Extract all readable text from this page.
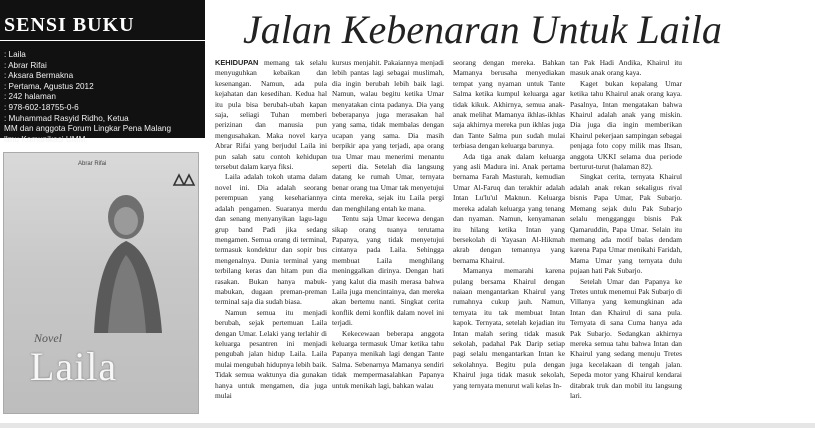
SENSI BUKU
: Laila
: Abrar Rifai
: Aksara Bermakna
: Pertama, Agustus 2012
: 242 halaman
: 978-602-18755-0-6
: Muhammad Rasyid Ridho, Ketua
MM dan anggota Forum Lingkar Pena Malang
llmu Komunikasi UMM.
Abrar Rifai
Novel
Laila
Jalan Kebenaran Untuk Laila

KEHIDUPAN memang tak selalu menyuguhkan kebaikan dan kesenangan. Namun, ada pula kejahatan dan kesedihan. Kedua hal itu pula bisa berubah-ubah kapan saja, seliagi Tuhan memberi perizinan dan manusia pun mengusahakan. Maka novel karya Abrar Rifai yang berjudul Laila ini pun salah satu contoh kehidupan tersebut dalam karya fiksi.

Laila adalah tokoh utama dalam novel ini. Dia adalah seorang perempuan yang kesehariannya adalah pengamen. Suaranya merdu dan senang menyanyikan lagu-lagu grup band Padi jika sedang mengamen. Semua orang di terminal, termasuk kondektur dan sopir bus mengenalnya. Dunia terminal yang terbilang keras dan hitam pun dia rasakan. Bukan hanya mabuk-mabukan, dugaan preman-preman terminal saja dia sudah biasa.

Namun semua itu menjadi berubah, sejak pertemuan Laila dengan Umar. Lelaki yang terlahir di keluarga pesantren ini menjadi pengubah jalan hidup Laila. Laila mulai mengubah hidupnya lebih baik. Tidak semua waktunya dia gunakan hanya untuk mengamen, dia juga mulai

kursus menjahit. Pakaiannya menjadi lebih pantas lagi sebagai muslimah, dia ingin berubah lebih baik lagi. Namun, walau begitu ketika Umar menyatakan cinta padanya. Dia yang beberapanya juga merasakan hal yang sama, tidak membalas dengan ucapan yang sama. Dia masih berpikir apa yang terjadi, apa orang tua Umar mau menerimi menantu seperti dia. Setelah dia langsung datang ke rumah Umar, ternyata benar orang tua Umar tak menyetujui cinta mereka, sejak itu Laila pergi dan menghilang entah ke mana.

Tentu saja Umar kecewa dengan sikap orang tuanya terutama Papanya, yang tidak menyetujui cintanya pada Laila. Sehingga membuat Laila menghilang meninggalkan dirinya. Dengan hati yang kalut dia masih merasa bahwa Laila juga mencintainya, dan mereka akan bertemu nanti. Singkat cerita konflik demi konflik dalam novel ini terjadi.

Kekecewaan beberapa anggota keluarga termasuk Umar ketika tahu Papanya menikah lagi dengan Tante Salma. Sebenarnya Mamanya sendiri tidak mempermasalahkan Papanya untuk menikah lagi, bahkan walau

seorang dengan mereka. Bahkan Mamanya berusaha menyediakan tempat yang nyaman untuk Tante Salma ketika kumpul keluarga agar tidak kikuk. Akhirnya, semua anak-anak melihat Mamanya ikhlas-ikhlas saja akhirnya mereka pun ikhlas juga dan Tante Salma pun sudah mulai terbiasa dengan keluarga barunya.

Ada tiga anak dalam keluarga yang asli Madura ini. Anak pertama bernama Farah Masturah, kemudian Umar Al-Faruq dan terakhir adalah Intan Lu'lu'ul Maknun. Keluarga mereka adalah keluarga yang tenang dan nyaman. Namun, kenyamanan itu hilang ketika Intan yang bersekolah di Yayasan Al-Hikmah akrab dengan temannya yang bernama Khairul.

Mamanya memarahi karena pulang bersama Khairul dengan naiaan mengantarkan Khairul yang rumahnya cukup jauh. Namun, ternyata itu tak membuat Intan kapok. Ternyata, setelah kejadian itu Intan malah sering tidak masuk sekolah, padahal Pak Darip setiap pagi selalu mengantarkan Intan ke sekolahnya. Begitu pula dengan Khairul juga tidak masuk sekolah, yang ternyata menurut wali kelas In-

tan Pak Hadi Andika, Khairul itu masuk anak orang kaya.

Kaget bukan kepalang Umar ketika tahu Khairul anak orang kaya. Pasalnya, Intan mengatakan bahwa Khairul adalah anak yang miskin. Dia juga dia ingin memberikan Khairul pekerjaan sampingan sebagai penjaga foto copy milik mas Ihsan, anggota UKKI selama dua periode berturut-turut (halaman 82).

Singkat cerita, ternyata Khairul adalah anak rekan sekaligus rival bisnis Papa Umar, Pak Subarjo. Memang sejak dulu Pak Subarjo selalu mengganggu bisnis Pak Qamaruddin, Papa Umar. Selain itu memang ada motif balas dendam karena Papa Umar menikahi Faridah, Mama Umar yang ternyata dulu pujaan hati Pak Subarjo.

Setelah Umar dan Papanya ke Tretes untuk menemui Pak Subarjo di Villanya yang kemungkinan ada Intan dan Khairul di sana pula. Ternyata di sana Cuma hanya ada Pak Subarjo. Sedangkan akhirnya mereka semua tahu bahwa Intan dan Khairul yang sedang menuju Tretes juga kecelakaan di tengah jalan. Sepeda motor yang Khairul kendarai ditabrak truk dan mobil itu langsung lari.
